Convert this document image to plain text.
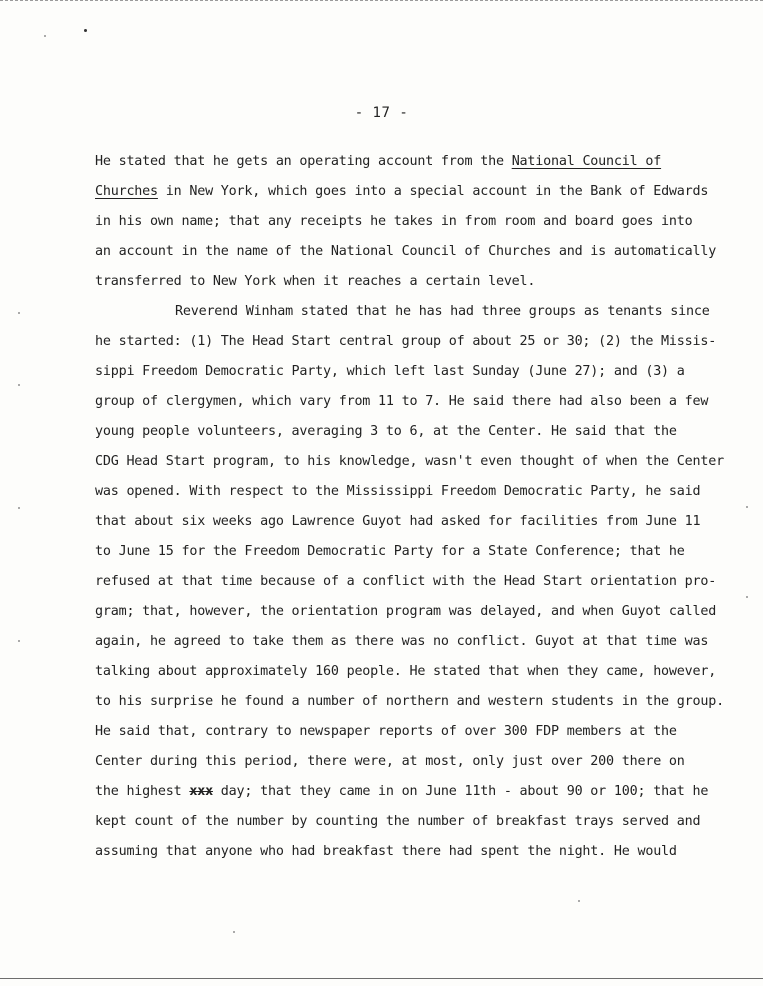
- 17 -
He stated that he gets an operating account from the National Council of
Churches in New York, which goes into a special account in the Bank of Edwards
in his own name; that any receipts he takes in from room and board goes into
an account in the name of the National Council of Churches and is automatically
transferred to New York when it reaches a certain level.
Reverend Winham stated that he has had three groups as tenants since
he started: (1) The Head Start central group of about 25 or 30; (2) the Missis-
sippi Freedom Democratic Party, which left last Sunday (June 27); and (3) a
group of clergymen, which vary from 11 to 7. He said there had also been a few
young people volunteers, averaging 3 to 6, at the Center. He said that the
CDG Head Start program, to his knowledge, wasn't even thought of when the Center
was opened. With respect to the Mississippi Freedom Democratic Party, he said
that about six weeks ago Lawrence Guyot had asked for facilities from June 11
to June 15 for the Freedom Democratic Party for a State Conference; that he
refused at that time because of a conflict with the Head Start orientation pro-
gram; that, however, the orientation program was delayed, and when Guyot called
again, he agreed to take them as there was no conflict. Guyot at that time was
talking about approximately 160 people. He stated that when they came, however,
to his surprise he found a number of northern and western students in the group.
He said that, contrary to newspaper reports of over 300 FDP members at the
Center during this period, there were, at most, only just over 200 there on
the highest xxx day; that they came in on June 11th - about 90 or 100; that he
kept count of the number by counting the number of breakfast trays served and
assuming that anyone who had breakfast there had spent the night. He would
